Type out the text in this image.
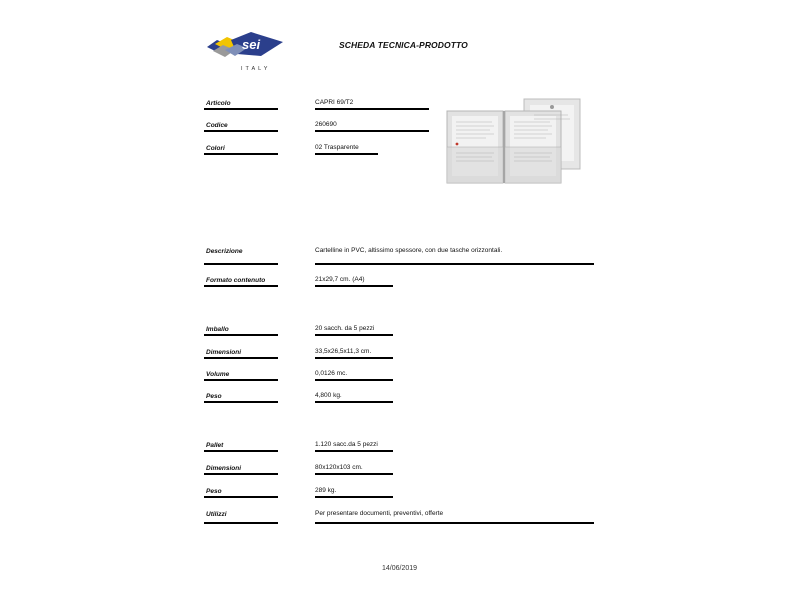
sei
ITALY
SCHEDA TECNICA-PRODOTTO
Articolo	CAPRI 69/T2
Codice	260690
Colori	02 Trasparente
Descrizione	Cartelline in PVC, altissimo spessore, con due tasche orizzontali.
Formato contenuto	21x29,7 cm. (A4)
Imballo	20 sacch. da 5 pezzi
Dimensioni	33,5x26,5x11,3 cm.
Volume	0,0126 mc.
Peso	4,800 kg.
Pallet	1.120 sacc.da 5 pezzi
Dimensioni	80x120x103 cm.
Peso	289 kg.
Utilizzi	Per presentare documenti, preventivi, offerte
14/06/2019
